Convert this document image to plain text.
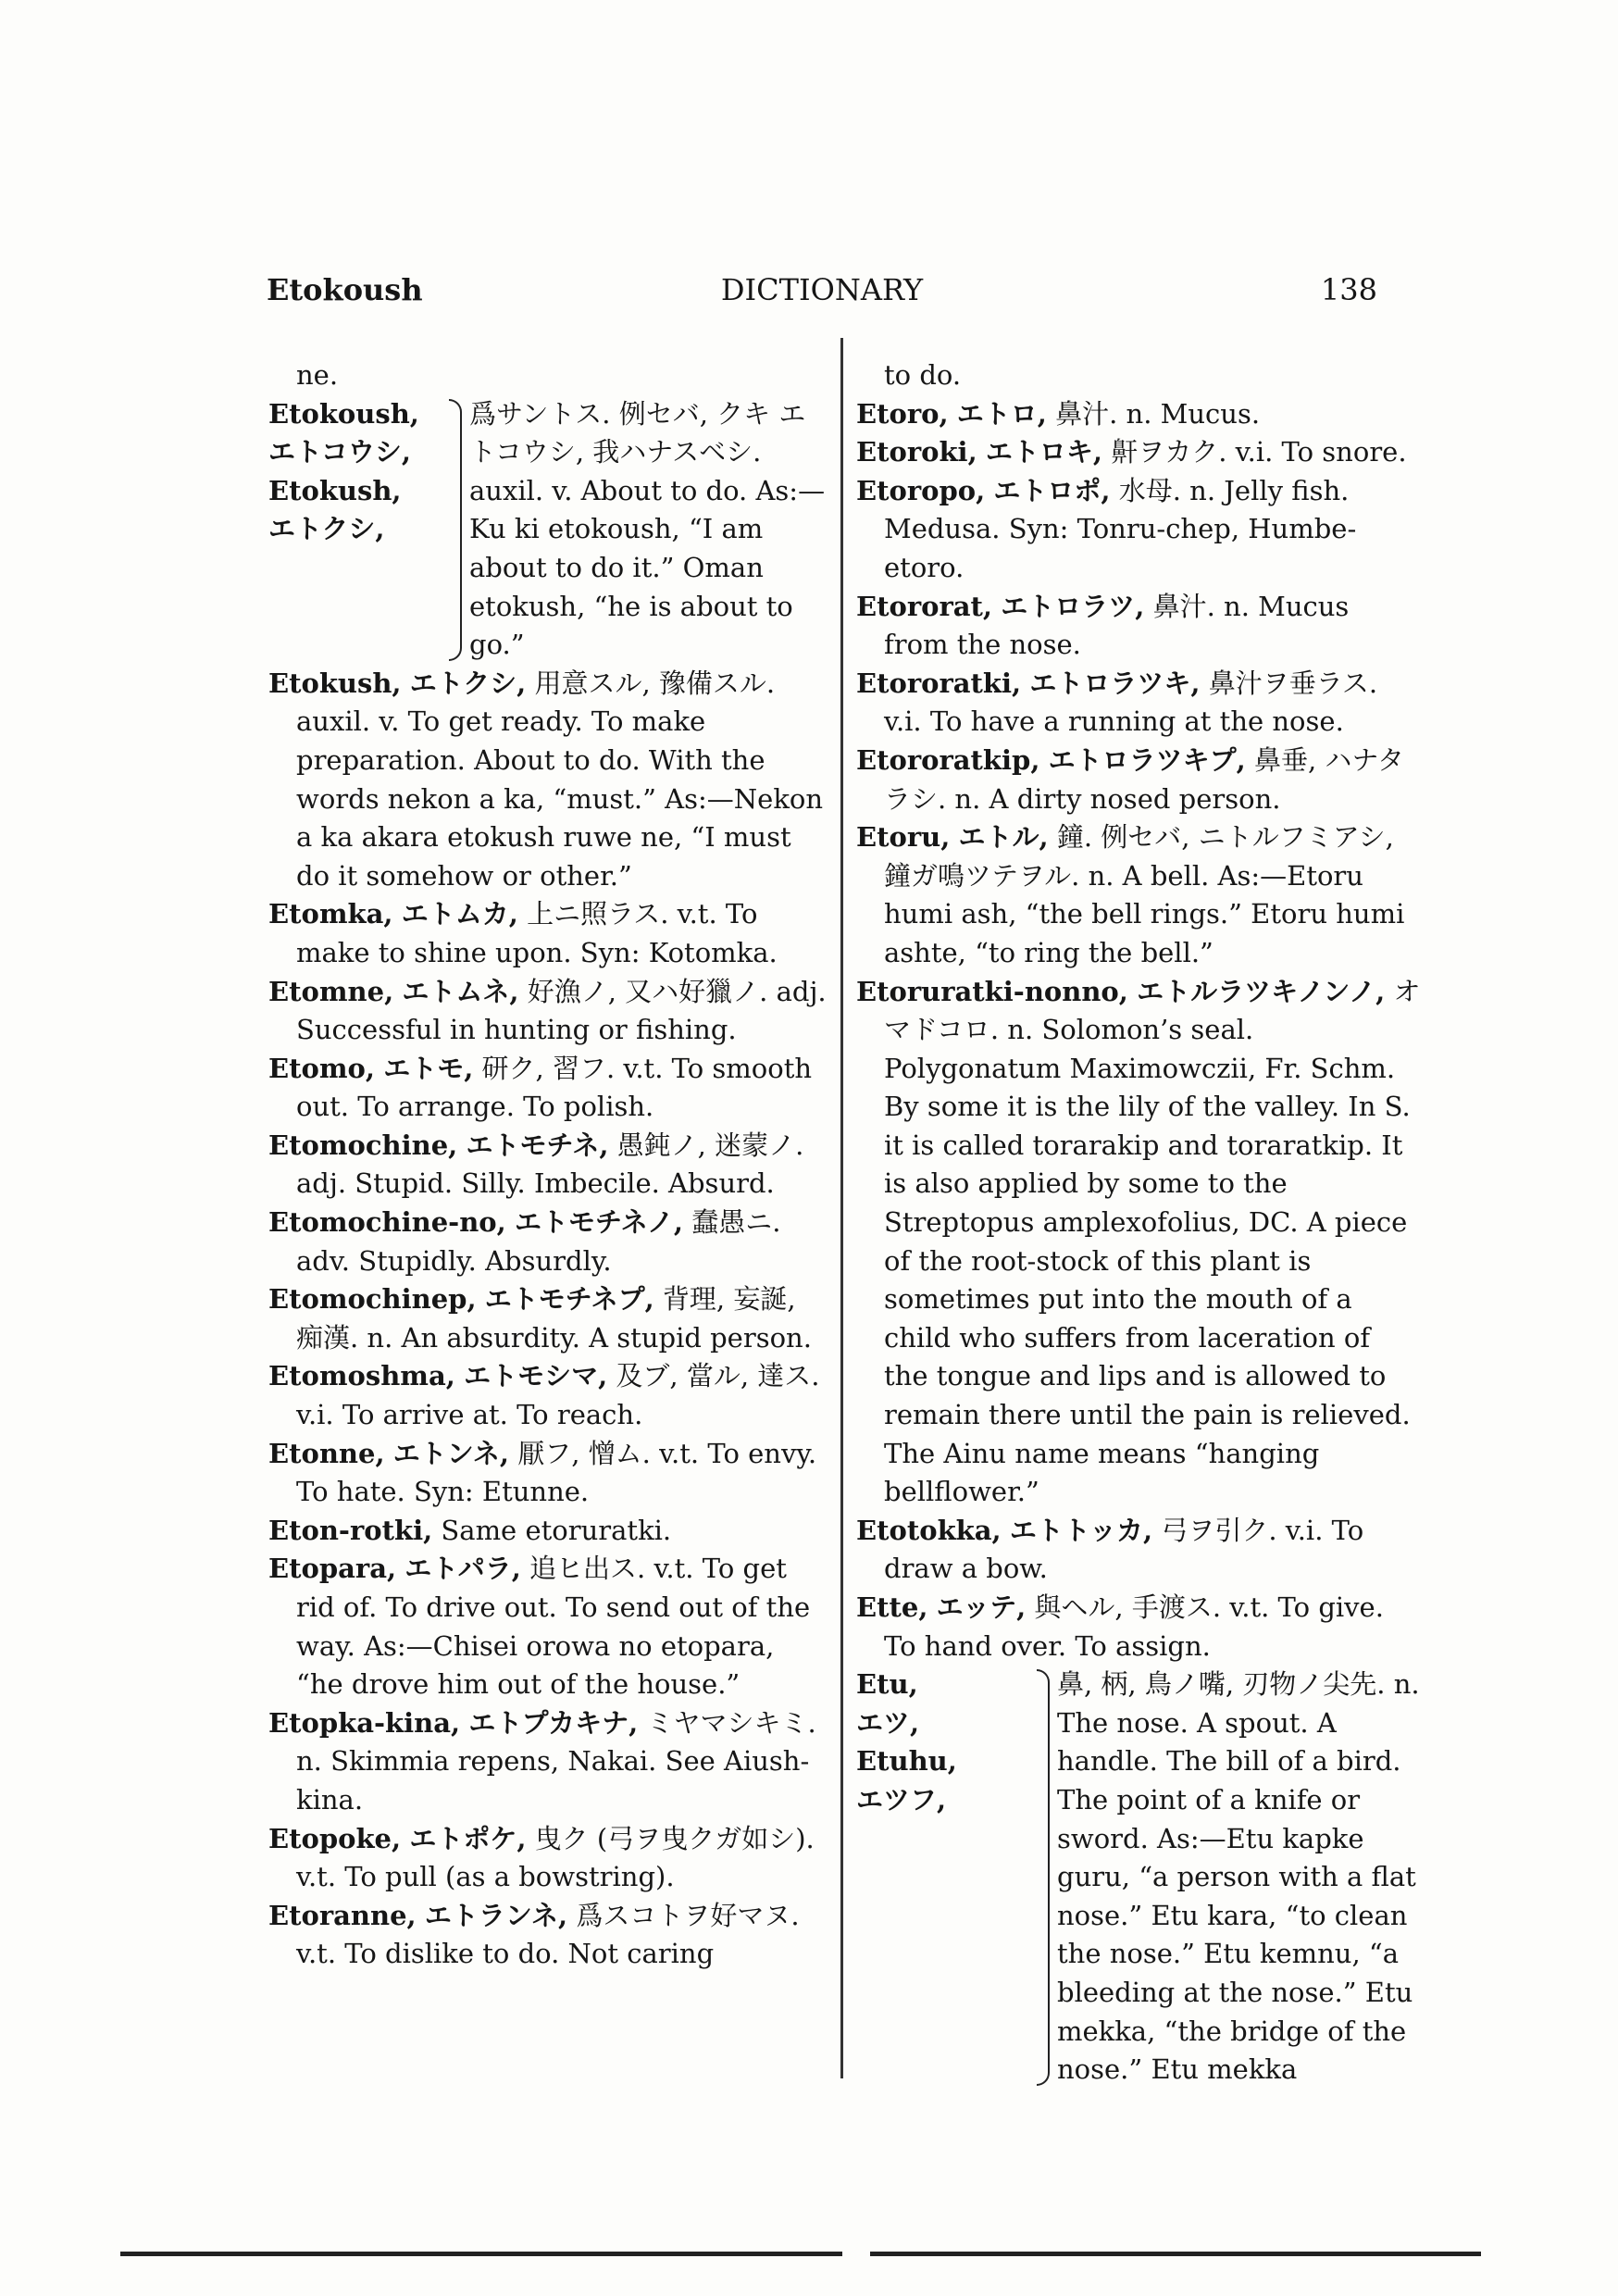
Etokoush	DICTIONARY	138

ne.

Etokoush,
エトコウシ,
Etokush,
エトクシ,
爲サントス. 例セバ, クキ エトコウシ, 我ハナスベシ. auxil. v. About to do. As:—Ku ki etokoush, “I am about to do it.” Oman etokush, “he is about to go.”

Etokush, エトクシ, 用意スル, 豫備スル. auxil. v. To get ready. To make preparation. About to do. With the words nekon a ka, “must.” As:—Nekon a ka akara etokush ruwe ne, “I must do it somehow or other.”

Etomka, エトムカ, 上ニ照ラス. v.t. To make to shine upon. Syn: Kotomka.

Etomne, エトムネ, 好漁ノ, 又ハ好獵ノ. adj. Successful in hunting or fishing.

Etomo, エトモ, 研ク, 習フ. v.t. To smooth out. To arrange. To polish.

Etomochine, エトモチネ, 愚鈍ノ, 迷蒙ノ. adj. Stupid. Silly. Imbecile. Absurd.

Etomochine-no, エトモチネノ, 蠢愚ニ. adv. Stupidly. Absurdly.

Etomochinep, エトモチネプ, 背理, 妄誕, 痴漢. n. An absurdity. A stupid person.

Etomoshma, エトモシマ, 及ブ, 當ル, 達ス. v.i. To arrive at. To reach.

Etonne, エトンネ, 厭フ, 憎ム. v.t. To envy. To hate. Syn: Etunne.

Eton-rotki, Same etoruratki.

Etopara, エトパラ, 追ヒ出ス. v.t. To get rid of. To drive out. To send out of the way. As:—Chisei orowa no etopara, “he drove him out of the house.”

Etopka-kina, エトプカキナ, ミヤマシキミ. n. Skimmia repens, Nakai. See Aiush-kina.

Etopoke, エトポケ, 曳ク (弓ヲ曳クガ如シ). v.t. To pull (as a bowstring).

Etoranne, エトランネ, 爲スコトヲ好マヌ. v.t. To dislike to do. Not caring

to do.

Etoro, エトロ, 鼻汁. n. Mucus.

Etoroki, エトロキ, 鼾ヲカク. v.i. To snore.

Etoropo, エトロポ, 水母. n. Jelly fish. Medusa. Syn: Tonru-chep, Humbe-etoro.

Etororat, エトロラツ, 鼻汁. n. Mucus from the nose.

Etororatki, エトロラツキ, 鼻汁ヲ垂ラス. v.i. To have a running at the nose.

Etororatkip, エトロラツキプ, 鼻垂, ハナタラシ. n. A dirty nosed person.

Etoru, エトル, 鐘. 例セバ, ニトルフミアシ, 鐘ガ鳴ツテヲル. n. A bell. As:—Etoru humi ash, “the bell rings.” Etoru humi ashte, “to ring the bell.”

Etoruratki-nonno, エトルラツキノンノ, オマドコロ. n. Solomon’s seal. Polygonatum Maximowczii, Fr. Schm. By some it is the lily of the valley. In S. it is called torarakip and toraratkip. It is also applied by some to the Streptopus amplexofolius, DC. A piece of the root-stock of this plant is sometimes put into the mouth of a child who suffers from laceration of the tongue and lips and is allowed to remain there until the pain is relieved. The Ainu name means “hanging bellflower.”

Etotokka, エトトッカ, 弓ヲ引ク. v.i. To draw a bow.

Ette, エッテ, 與ヘル, 手渡ス. v.t. To give. To hand over. To assign.

Etu,
エツ,
Etuhu,
エツフ,
鼻, 柄, 鳥ノ嘴, 刃物ノ尖先. n. The nose. A spout. A handle. The bill of a bird. The point of a knife or sword. As:—Etu kapke guru, “a person with a flat nose.” Etu kara, “to clean the nose.” Etu kemnu, “a bleeding at the nose.” Etu mekka, “the bridge of the nose.” Etu mekka
